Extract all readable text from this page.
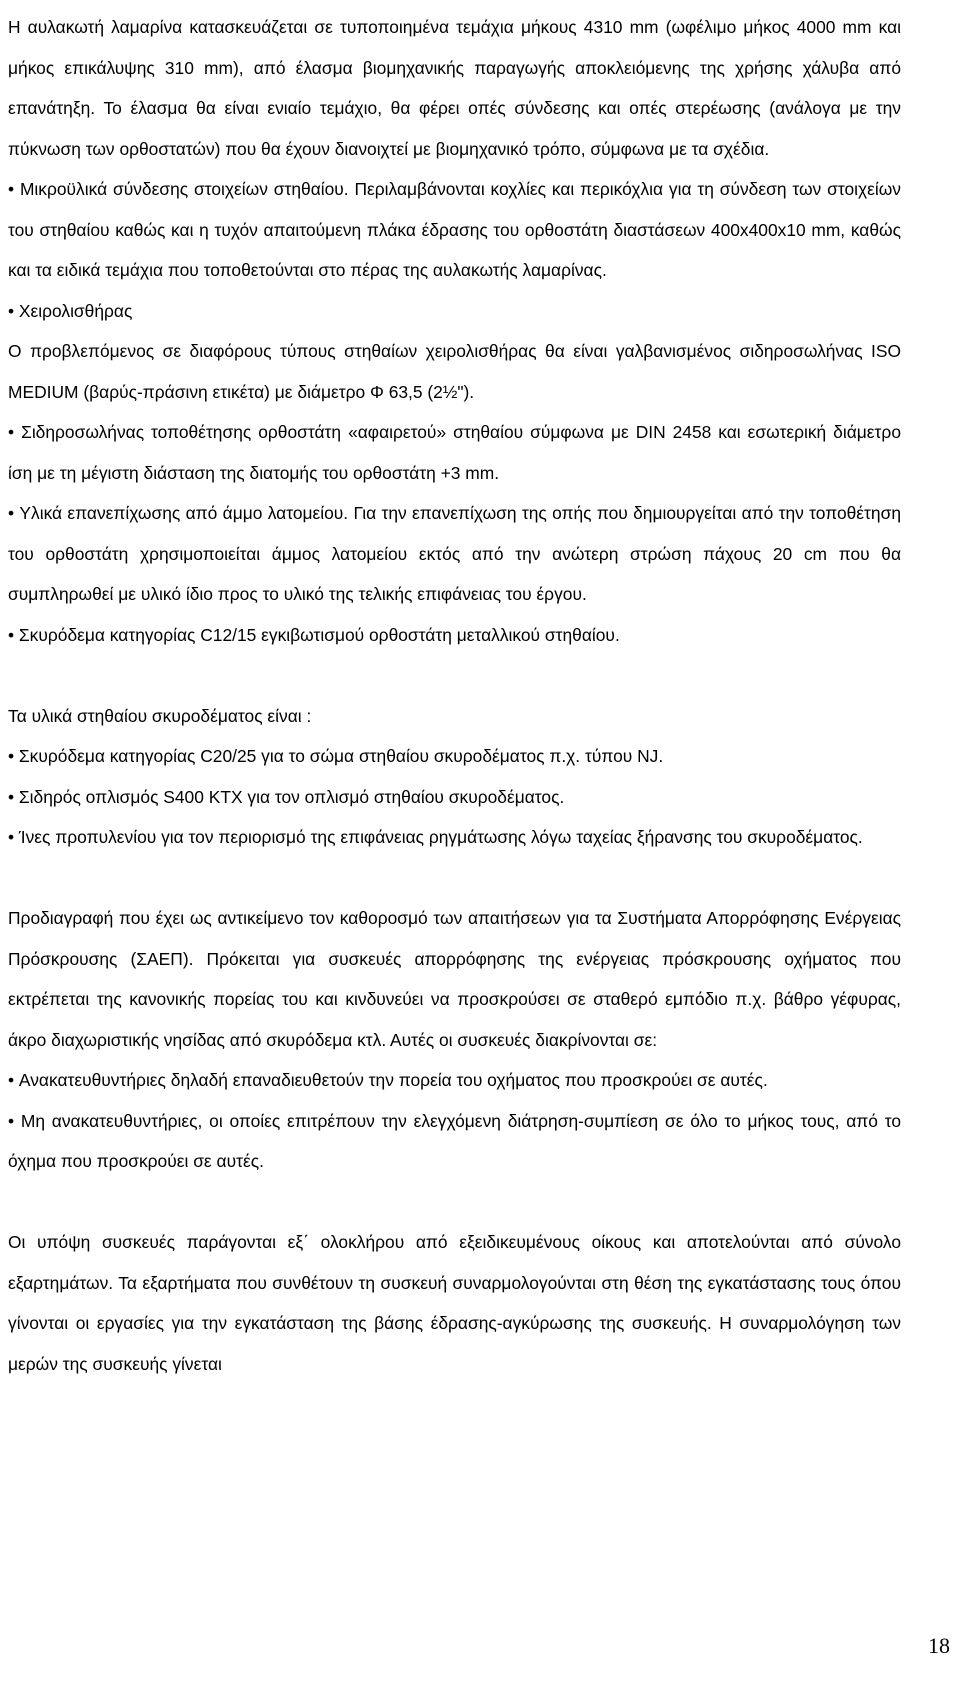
Η αυλακωτή λαμαρίνα κατασκευάζεται σε τυποποιημένα τεμάχια μήκους 4310 mm (ωφέλιμο μήκος 4000 mm και μήκος επικάλυψης 310 mm), από έλασμα βιομηχανικής παραγωγής αποκλειόμενης της χρήσης χάλυβα από επανάτηξη. Το έλασμα θα είναι ενιαίο τεμάχιο, θα φέρει οπές σύνδεσης και οπές στερέωσης (ανάλογα με την πύκνωση των ορθοστατών) που θα έχουν διανοιχτεί με βιομηχανικό τρόπο, σύμφωνα με τα σχέδια.

• Μικροϋλικά σύνδεσης στοιχείων στηθαίου. Περιλαμβάνονται κοχλίες και περικόχλια για τη σύνδεση των στοιχείων του στηθαίου καθώς και η τυχόν απαιτούμενη πλάκα έδρασης του ορθοστάτη διαστάσεων 400x400x10 mm, καθώς και τα ειδικά τεμάχια που τοποθετούνται στο πέρας της αυλακωτής λαμαρίνας.

• Χειρολισθήρας

Ο προβλεπόμενος σε διαφόρους τύπους στηθαίων χειρολισθήρας θα είναι γαλβανισμένος σιδηροσωλήνας ISO MEDIUM (βαρύς-πράσινη ετικέτα) με διάμετρο Φ 63,5 (2½").

• Σιδηροσωλήνας τοποθέτησης ορθοστάτη «αφαιρετού» στηθαίου σύμφωνα με DIN 2458 και εσωτερική διάμετρο ίση με τη μέγιστη διάσταση της διατομής του ορθοστάτη +3 mm.

• Υλικά επανεπίχωσης από άμμο λατομείου. Για την επανεπίχωση της οπής που δημιουργείται από την τοποθέτηση του ορθοστάτη χρησιμοποιείται άμμος λατομείου εκτός από την ανώτερη στρώση πάχους 20 cm που θα συμπληρωθεί με υλικό ίδιο προς το υλικό της τελικής επιφάνειας του έργου.

• Σκυρόδεμα κατηγορίας C12/15 εγκιβωτισμού ορθοστάτη μεταλλικού στηθαίου.

Τα υλικά στηθαίου σκυροδέματος είναι :

• Σκυρόδεμα κατηγορίας C20/25 για το σώμα στηθαίου σκυροδέματος π.χ. τύπου NJ.

• Σιδηρός οπλισμός S400 KTX για τον οπλισμό στηθαίου σκυροδέματος.

• Ίνες προπυλενίου για τον περιορισμό της επιφάνειας ρηγμάτωσης λόγω ταχείας ξήρανσης του σκυροδέματος.

Προδιαγραφή που έχει ως αντικείμενο τον καθοροσμό των απαιτήσεων για τα Συστήματα Απορρόφησης Ενέργειας Πρόσκρουσης (ΣΑΕΠ). Πρόκειται για συσκευές απορρόφησης της ενέργειας πρόσκρουσης οχήματος που εκτρέπεται της κανονικής πορείας του και κινδυνεύει να προσκρούσει σε σταθερό εμπόδιο π.χ. βάθρο γέφυρας, άκρο διαχωριστικής νησίδας από σκυρόδεμα κτλ. Αυτές οι συσκευές διακρίνονται σε:

• Ανακατευθυντήριες δηλαδή επαναδιευθετούν την πορεία του οχήματος που προσκρούει σε αυτές.

• Μη ανακατευθυντήριες, οι οποίες επιτρέπουν την ελεγχόμενη διάτρηση-συμπίεση σε όλο το μήκος τους, από το όχημα που προσκρούει σε αυτές.

Οι υπόψη συσκευές παράγονται εξ΄ ολοκλήρου από εξειδικευμένους οίκους και αποτελούνται από σύνολο εξαρτημάτων. Τα εξαρτήματα που συνθέτουν τη συσκευή συναρμολογούνται στη θέση της εγκατάστασης τους όπου γίνονται οι εργασίες για την εγκατάσταση της βάσης έδρασης-αγκύρωσης της συσκευής. Η συναρμολόγηση των μερών της συσκευής γίνεται

18
